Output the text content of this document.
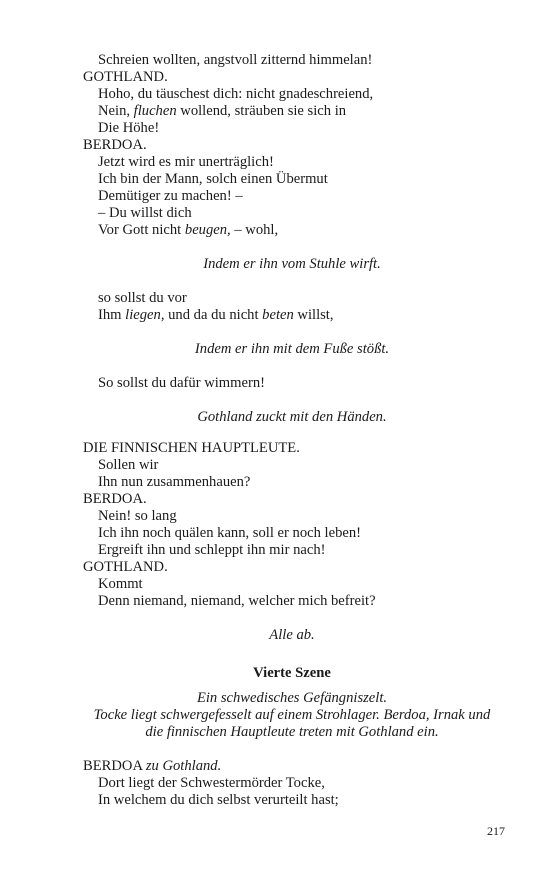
Schreien wollten, angstvoll zitternd himmelan!
GOTHLAND.
Hoho, du täuschest dich: nicht gnadeschreiend,
Nein, fluchen wollend, sträuben sie sich in
Die Höhe!
BERDOA.
Jetzt wird es mir unerträglich!
Ich bin der Mann, solch einen Übermut
Demütiger zu machen! –
– Du willst dich
Vor Gott nicht beugen, – wohl,
Indem er ihn vom Stuhle wirft.
so sollst du vor
Ihm liegen, und da du nicht beten willst,
Indem er ihn mit dem Fuße stößt.
So sollst du dafür wimmern!
Gothland zuckt mit den Händen.
DIE FINNISCHEN HAUPTLEUTE.
Sollen wir
Ihn nun zusammenhauen?
BERDOA.
Nein! so lang
Ich ihn noch quälen kann, soll er noch leben!
Ergreift ihn und schleppt ihn mir nach!
GOTHLAND.
Kommt
Denn niemand, niemand, welcher mich befreit?
Alle ab.
Vierte Szene
Ein schwedisches Gefängniszelt.
Tocke liegt schwergefesselt auf einem Strohlager. Berdoa, Irnak und
die finnischen Hauptleute treten mit Gothland ein.
BERDOA zu Gothland.
Dort liegt der Schwestermörder Tocke,
In welchem du dich selbst verurteilt hast;
217
